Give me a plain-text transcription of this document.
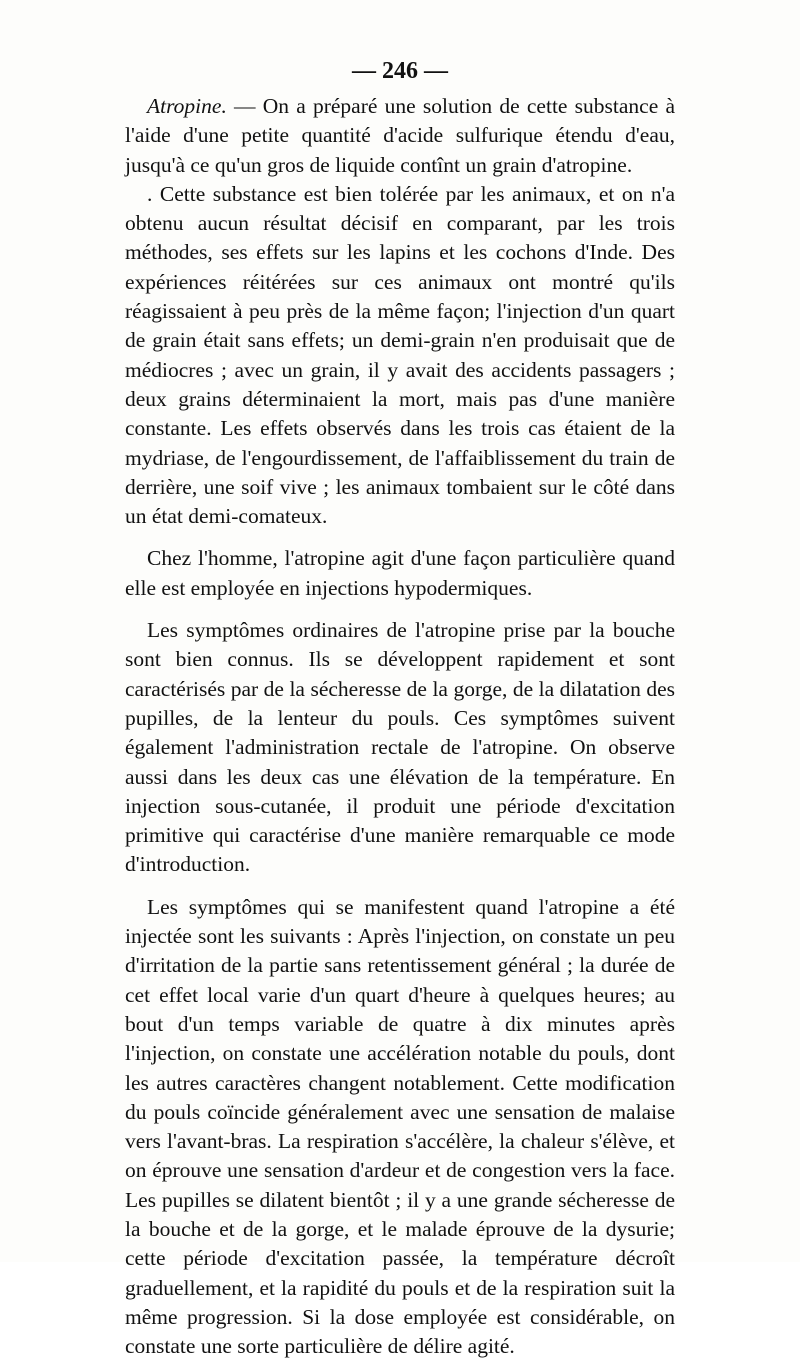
— 246 —

Atropine. — On a préparé une solution de cette substance à l'aide d'une petite quantité d'acide sulfurique étendu d'eau, jusqu'à ce qu'un gros de liquide contînt un grain d'atropine.

. Cette substance est bien tolérée par les animaux, et on n'a obtenu aucun résultat décisif en comparant, par les trois méthodes, ses effets sur les lapins et les cochons d'Inde. Des expériences réitérées sur ces animaux ont montré qu'ils réagissaient à peu près de la même façon; l'injection d'un quart de grain était sans effets; un demi-grain n'en produisait que de médiocres ; avec un grain, il y avait des accidents passagers ; deux grains déterminaient la mort, mais pas d'une manière constante. Les effets observés dans les trois cas étaient de la mydriase, de l'engourdissement, de l'affaiblissement du train de derrière, une soif vive ; les animaux tombaient sur le côté dans un état demi-comateux.

Chez l'homme, l'atropine agit d'une façon particulière quand elle est employée en injections hypodermiques.

Les symptômes ordinaires de l'atropine prise par la bouche sont bien connus. Ils se développent rapidement et sont caractérisés par de la sécheresse de la gorge, de la dilatation des pupilles, de la lenteur du pouls. Ces symptômes suivent également l'administration rectale de l'atropine. On observe aussi dans les deux cas une élévation de la température. En injection sous-cutanée, il produit une période d'excitation primitive qui caractérise d'une manière remarquable ce mode d'introduction.

Les symptômes qui se manifestent quand l'atropine a été injectée sont les suivants : Après l'injection, on constate un peu d'irritation de la partie sans retentissement général ; la durée de cet effet local varie d'un quart d'heure à quelques heures; au bout d'un temps variable de quatre à dix minutes après l'injection, on constate une accélération notable du pouls, dont les autres caractères changent notablement. Cette modification du pouls coïncide généralement avec une sensation de malaise vers l'avant-bras. La respiration s'accélère, la chaleur s'élève, et on éprouve une sensation d'ardeur et de congestion vers la face. Les pupilles se dilatent bientôt ; il y a une grande sécheresse de la bouche et de la gorge, et le malade éprouve de la dysurie; cette période d'excitation passée, la température décroît graduellement, et la rapidité du pouls et de la respiration suit la même progression. Si la dose employée est considérable, on constate une sorte particulière de délire agité.
